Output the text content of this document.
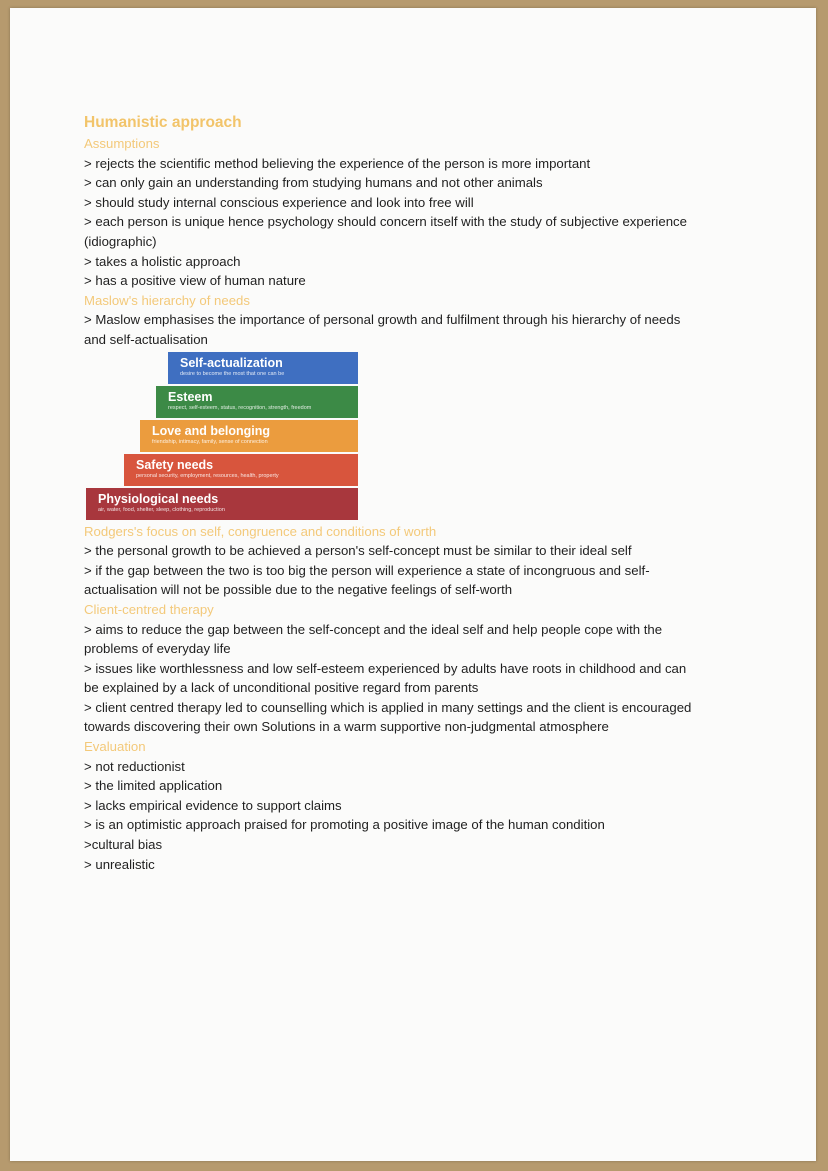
Humanistic approach

Assumptions

> rejects the scientific method believing the experience of the person is more important

> can only gain an understanding from studying humans and not other animals

> should study internal conscious experience and look into free will

> each person is unique hence psychology should concern itself with the study of subjective experience (idiographic)

> takes a holistic approach

> has a positive view of human nature

Maslow's hierarchy of needs

> Maslow emphasises the importance of personal growth and fulfilment through his hierarchy of needs and self-actualisation

Self-actualization
desire to become the most that one can be
Esteem
respect, self-esteem, status, recognition, strength, freedom
Love and belonging
friendship, intimacy, family, sense of connection
Safety needs
personal security, employment, resources, health, property
Physiological needs
air, water, food, shelter, sleep, clothing, reproduction

Rodgers's focus on self, congruence and conditions of worth

> the personal growth to be achieved a person's self-concept must be similar to their ideal self

> if the gap between the two is too big the person will experience a state of incongruous and self-actualisation will not be possible due to the negative feelings of self-worth

Client-centred therapy

> aims to reduce the gap between the self-concept and the ideal self and help people cope with the problems of everyday life

> issues like worthlessness and low self-esteem experienced by adults have roots in childhood and can be explained by a lack of unconditional positive regard from parents

> client centred therapy led to counselling which is applied in many settings and the client is encouraged towards discovering their own Solutions in a warm supportive non-judgmental atmosphere

Evaluation

> not reductionist

> the limited application

> lacks empirical evidence to support claims

> is an optimistic approach praised for promoting a positive image of the human condition

>cultural bias

> unrealistic
